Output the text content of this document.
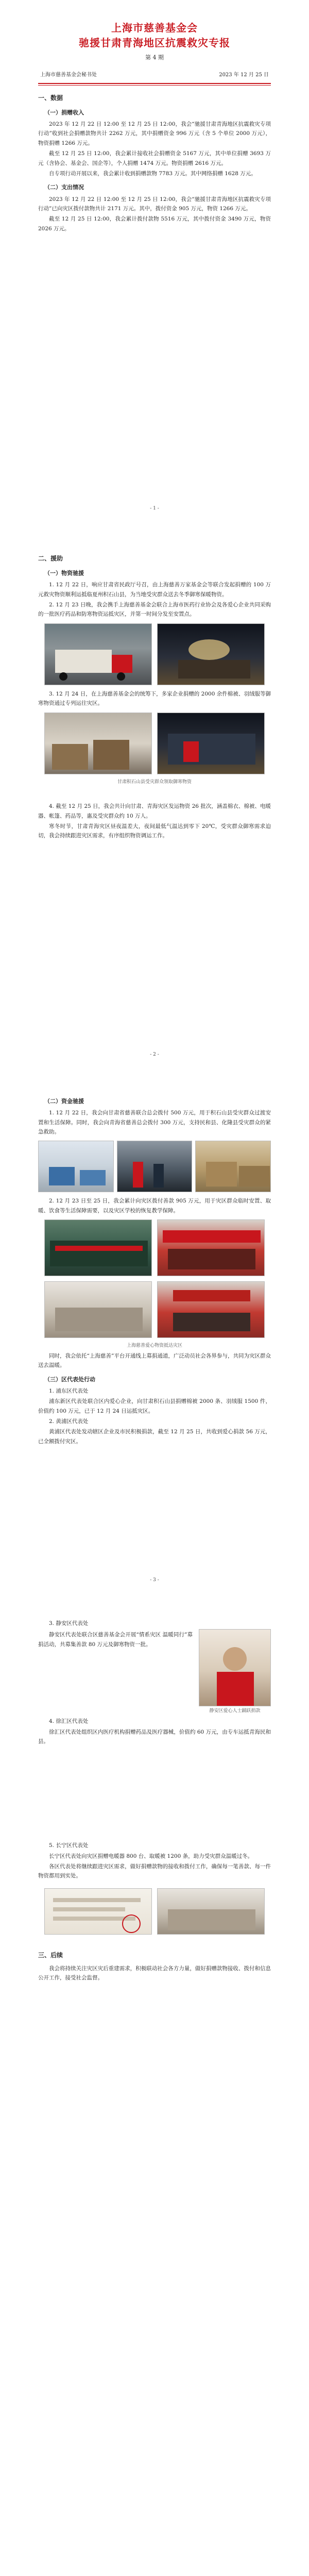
上海市慈善基金会
驰援甘肃青海地区抗震救灾专报
第 4 期
上海市慈善基金会秘书处	2023 年 12 月 25 日
一、数据
（一）捐赠收入

2023 年 12 月 22 日 12:00 至 12 月 25 日 12:00，我会“驰援甘肃青海地区抗震救灾专项行动”收到社会捐赠款物共计 2262 万元，其中捐赠资金 996 万元（含 5 个单位 2000 万元），物资捐赠 1266 万元。

截至 12 月 25 日 12:00，我会累计接收社会捐赠资金 5167 万元，其中单位捐赠 3693 万元（含协会、基金会、国企等），个人捐赠 1474 万元。物资捐赠 2616 万元。

自专项行动开展以来，我会累计收到捐赠款物 7783 万元。其中网络捐赠 1628 万元。

（二）支出情况

2023 年 12 月 22 日 12:00 至 12 月 25 日 12:00，我会“驰援甘肃青海地区抗震救灾专项行动”已向灾区拨付款物共计 2171 万元。其中，拨付资金 905 万元，物资 1266 万元。

截至 12 月 25 日 12:00，我会累计拨付款物 5516 万元，其中拨付资金 3490 万元，物资 2026 万元。

- 1 -
二、援助
（一）物资驰援

1. 12 月 22 日，响应甘肃省民政厅号召，由上海慈善万家基金会等联合发起捐赠的 100 万元救灾物资顺利运抵临夏州积石山县，为当地受灾群众送去冬季御寒保暖物资。

2. 12 月 23 日晚，我会携手上海慈善基金会联合上海市医药行业协会及各爱心企业共同采购的一批医疗药品和防寒物资运抵灾区，并第一时间分发至安置点。

3. 12 月 24 日，在上海慈善基金会的统筹下，多家企业捐赠的 2000 余件棉被、羽绒服等御寒物资通过专列运往灾区。

甘肃积石山县受灾群众领取御寒物资

4. 截至 12 月 25 日，我会共计向甘肃、青海灾区发运物资 26 批次，涵盖棉衣、棉被、电暖器、帐篷、药品等，惠及受灾群众约 10 万人。

寒冬时节，甘肃青海灾区昼夜温差大，夜间最低气温达到零下 20℃，受灾群众御寒需求迫切，我会持续跟进灾区需求，有序组织物资调运工作。

- 2 -
（二）资金驰援

1. 12 月 22 日，我会向甘肃省慈善联合总会拨付 500 万元，用于积石山县受灾群众过渡安置和生活保障。同时，我会向青海省慈善总会拨付 300 万元，支持民和县、化隆县受灾群众的紧急救助。

2. 12 月 23 日至 25 日，我会累计向灾区拨付善款 905 万元，用于灾区群众临时安置、取暖、饮食等生活保障需要，以及灾区学校的恢复教学保障。

上海慈善爱心物资抵达灾区

同时，我会依托“上海慈善”平台开通线上募捐通道，广泛动员社会各界参与，共同为灾区群众送去温暖。

（三）区代表处行动

1. 浦东区代表处

浦东新区代表处联合区内爱心企业，向甘肃积石山县捐赠棉被 2000 条、羽绒服 1500 件，价值约 100 万元，已于 12 月 24 日运抵灾区。

2. 黄浦区代表处

黄浦区代表处发动辖区企业及市民积极捐款，截至 12 月 25 日，共收到爱心捐款 56 万元，已全额拨付灾区。

- 3 -

3. 静安区代表处

静安区代表处联合区慈善基金会开展“情系灾区 温暖同行”募捐活动，共募集善款 80 万元及御寒物资一批。

静安区爱心人士踊跃捐款

4. 徐汇区代表处

徐汇区代表处组织区内医疗机构捐赠药品及医疗器械，价值约 60 万元，由专车运抵青海民和县。

5. 长宁区代表处

长宁区代表处向灾区捐赠电暖器 800 台、取暖被 1200 条，助力受灾群众温暖过冬。

各区代表处将继续跟进灾区需求，做好捐赠款物的接收和拨付工作，确保每一笔善款、每一件物资都用到实处。

三、后续

我会将持续关注灾区灾后重建需求，积极联动社会各方力量，做好捐赠款物接收、拨付和信息公开工作，接受社会监督。
